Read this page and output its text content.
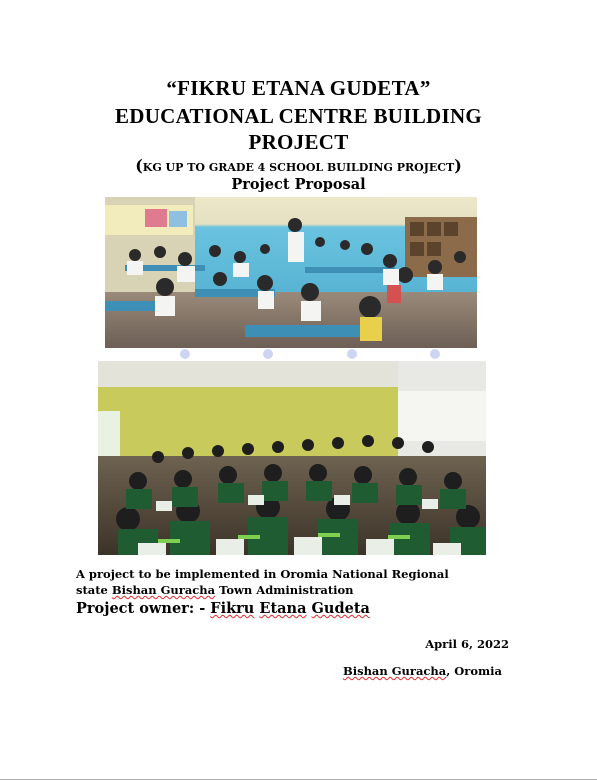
“FIKRU ETANA GUDETA”
EDUCATIONAL CENTRE BUILDING
PROJECT
(KG UP TO GRADE 4 SCHOOL BUILDING PROJECT)
Project Proposal
A project to be implemented in Oromia National Regional
state Bishan Guracha Town Administration
Project owner: - Fikru Etana Gudeta
April 6, 2022
Bishan Guracha, Oromia
